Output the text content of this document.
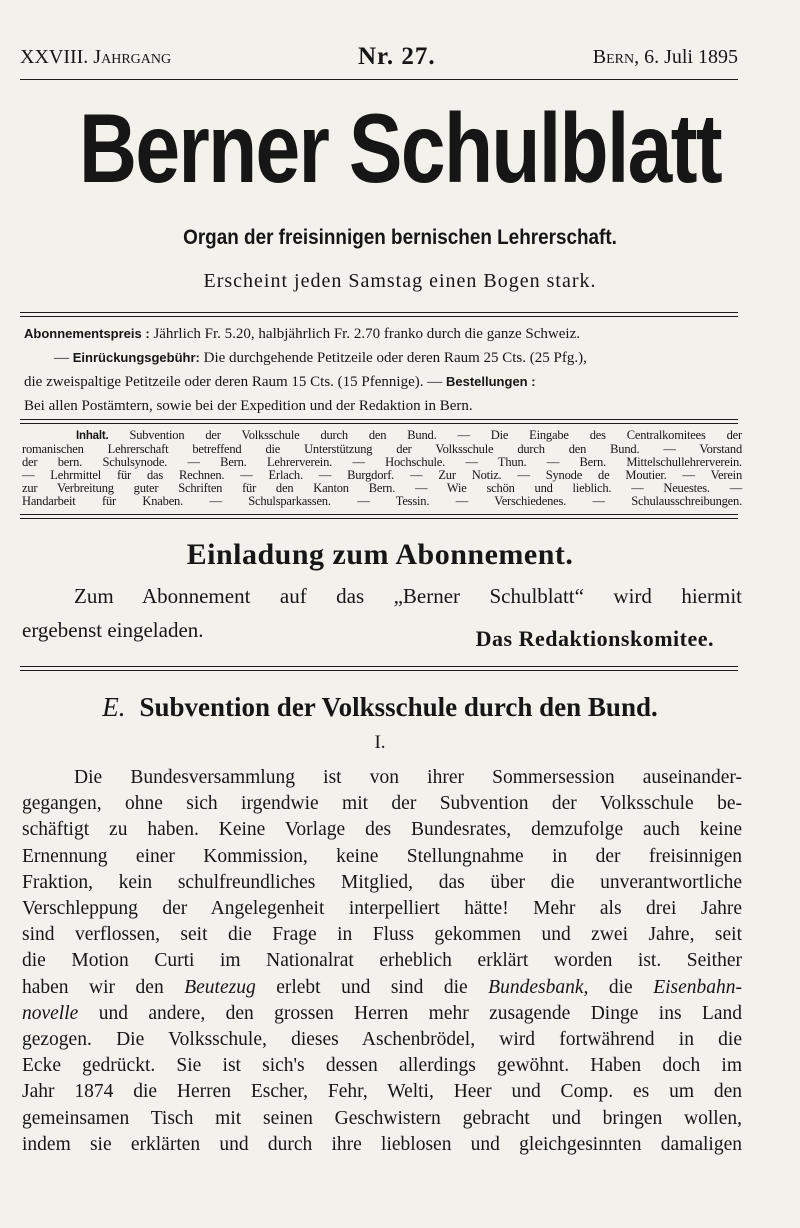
XXVIII. Jahrgang	Nr. 27.	Bern, 6. Juli 1895
Berner Schulblatt
Organ der freisinnigen bernischen Lehrerschaft.
Erscheint jeden Samstag einen Bogen stark.
Abonnementspreis : Jährlich Fr. 5.20, halbjährlich Fr. 2.70 franko durch die ganze Schweiz.
— Einrückungsgebühr: Die durchgehende Petitzeile oder deren Raum 25 Cts. (25 Pfg.),
die zweispaltige Petitzeile oder deren Raum 15 Cts. (15 Pfennige). — Bestellungen :
Bei allen Postämtern, sowie bei der Expedition und der Redaktion in Bern.
Inhalt. Subvention der Volksschule durch den Bund. — Die Eingabe des Centralkomitees der
romanischen Lehrerschaft betreffend die Unterstützung der Volksschule durch den Bund. — Vorstand
der bern. Schulsynode. — Bern. Lehrerverein. — Hochschule. — Thun. — Bern. Mittelschullehrerverein.
— Lehrmittel für das Rechnen. — Erlach. — Burgdorf. — Zur Notiz. — Synode de Moutier. — Verein
zur Verbreitung guter Schriften für den Kanton Bern. — Wie schön und lieblich. — Neuestes. —
Handarbeit für Knaben. — Schulsparkassen. — Tessin. — Verschiedenes. — Schulausschreibungen.
Einladung zum Abonnement.
Zum Abonnement auf das „Berner Schulblatt“ wird hiermit
ergebenst eingeladen.	Das Redaktionskomitee.
E. Subvention der Volksschule durch den Bund.
I.
Die Bundesversammlung ist von ihrer Sommersession auseinander-
gegangen, ohne sich irgendwie mit der Subvention der Volksschule be-
schäftigt zu haben. Keine Vorlage des Bundesrates, demzufolge auch keine
Ernennung einer Kommission, keine Stellungnahme in der freisinnigen
Fraktion, kein schulfreundliches Mitglied, das über die unverantwortliche
Verschleppung der Angelegenheit interpelliert hätte! Mehr als drei Jahre
sind verflossen, seit die Frage in Fluss gekommen und zwei Jahre, seit
die Motion Curti im Nationalrat erheblich erklärt worden ist. Seither
haben wir den Beutezug erlebt und sind die Bundesbank, die Eisenbahn-
novelle und andere, den grossen Herren mehr zusagende Dinge ins Land
gezogen. Die Volksschule, dieses Aschenbrödel, wird fortwährend in die
Ecke gedrückt. Sie ist sich's dessen allerdings gewöhnt. Haben doch im
Jahr 1874 die Herren Escher, Fehr, Welti, Heer und Comp. es um den
gemeinsamen Tisch mit seinen Geschwistern gebracht und bringen wollen,
indem sie erklärten und durch ihre lieblosen und gleichgesinnten damaligen
